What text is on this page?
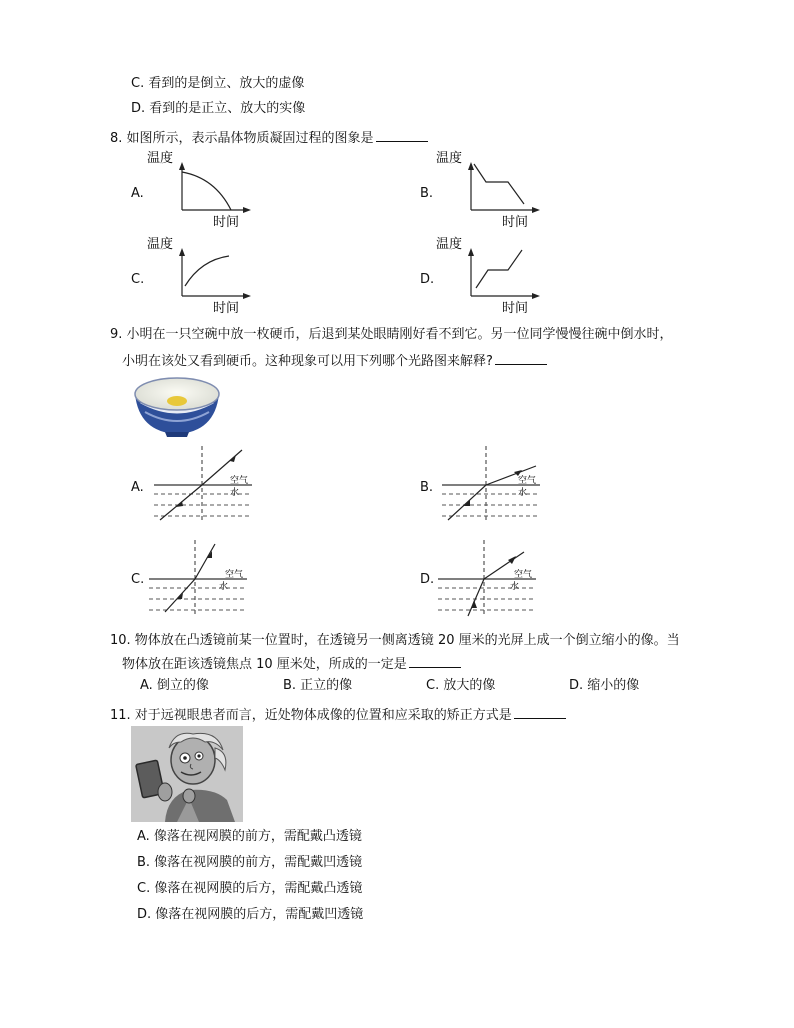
C. 看到的是倒立、放大的虚像
D. 看到的是正立、放大的实像
8. 如图所示，表示晶体物质凝固过程的图象是
A.
温度
时间
B.
温度
时间
C.
温度
时间
D.
温度
时间
9. 小明在一只空碗中放一枚硬币，后退到某处眼睛刚好看不到它。另一位同学慢慢往碗中倒水时，
小明在该处又看到硬币。这种现象可以用下列哪个光路图来解释?
A.	空气
水	B.	空气
水
C.	空气
水	D.	空气
水
10. 物体放在凸透镜前某一位置时，在透镜另一侧离透镜 20 厘米的光屏上成一个倒立缩小的像。当
物体放在距该透镜焦点 10 厘米处，所成的一定是
A. 倒立的像	B. 正立的像	C. 放大的像	D. 缩小的像
11. 对于远视眼患者而言，近处物体成像的位置和应采取的矫正方式是
A. 像落在视网膜的前方，需配戴凸透镜
B. 像落在视网膜的前方，需配戴凹透镜
C. 像落在视网膜的后方，需配戴凸透镜
D. 像落在视网膜的后方，需配戴凹透镜
